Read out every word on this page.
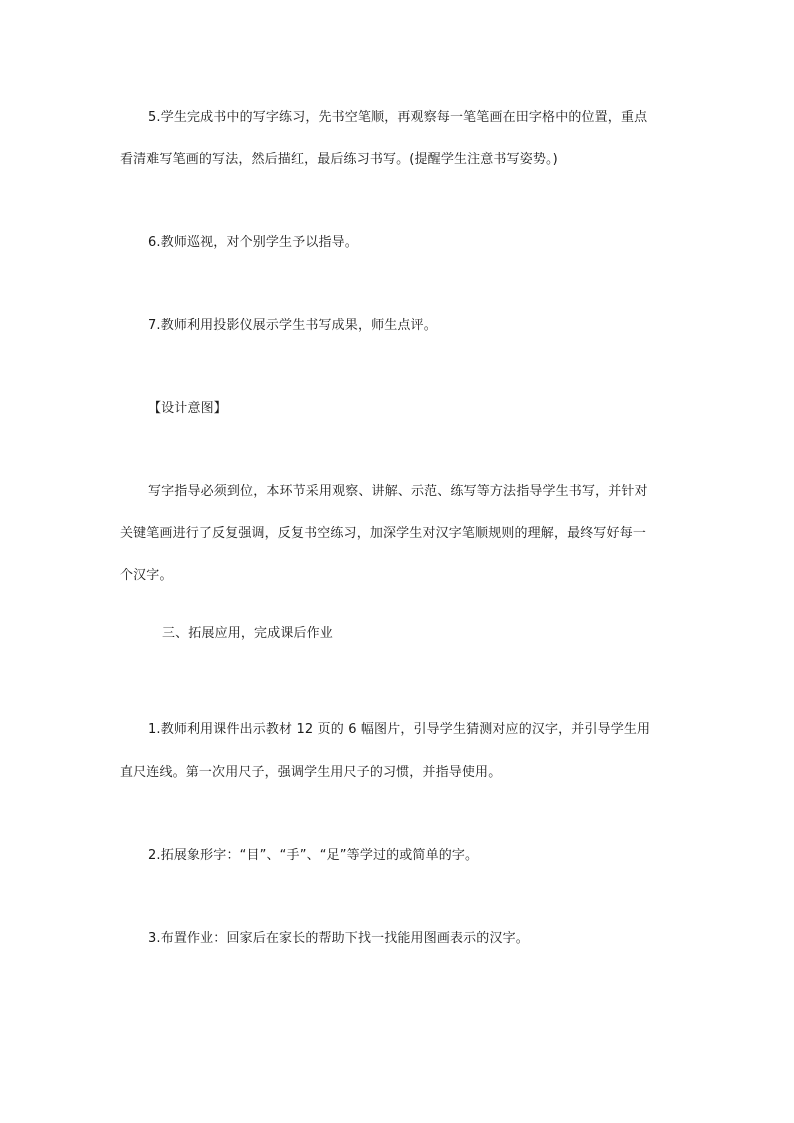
5.学生完成书中的写字练习，先书空笔顺，再观察每一笔笔画在田字格中的位置，重点
看清难写笔画的写法，然后描红，最后练习书写。(提醒学生注意书写姿势。)
6.教师巡视，对个别学生予以指导。
7.教师利用投影仪展示学生书写成果，师生点评。
【设计意图】
写字指导必须到位，本环节采用观察、讲解、示范、练写等方法指导学生书写，并针对
关键笔画进行了反复强调，反复书空练习，加深学生对汉字笔顺规则的理解，最终写好每一
个汉字。
三、拓展应用，完成课后作业
1.教师利用课件出示教材 12 页的 6 幅图片，引导学生猜测对应的汉字，并引导学生用
直尺连线。第一次用尺子，强调学生用尺子的习惯，并指导使用。
2.拓展象形字：“目”、“手”、“足”等学过的或简单的字。
3.布置作业：回家后在家长的帮助下找一找能用图画表示的汉字。
